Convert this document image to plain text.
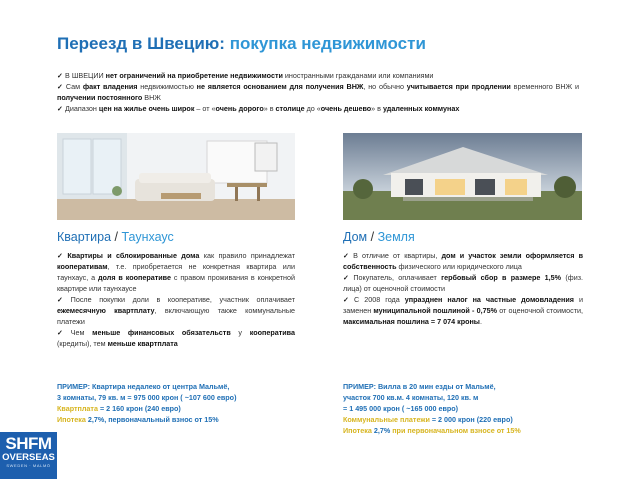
Переезд в Швецию: покупка недвижимости
✓ В ШВЕЦИИ нет ограничений на приобретение недвижимости иностранными гражданами или компаниями
✓ Сам факт владения недвижимостью не является основанием для получения ВНЖ, но обычно учитывается при продлении временного ВНЖ и получении постоянного ВНЖ
✓ Диапазон цен на жилье очень широк – от «очень дорого» в столице до «очень дешево» в удаленных коммунах
Квартира / Таунхаус	Дом / Земля

✓ Квартиры и сблокированные дома как правило принадлежат кооперативам, т.е. приобретается не конкретная квартира или таунхаус, а доля в кооперативе с правом проживания в конкретной квартире или таунхаусе

✓ После покупки доли в кооперативе, участник оплачивает ежемесячную квартплату, включающую также коммунальные платежи

✓ Чем меньше финансовых обязательств у кооператива (кредиты), тем меньше квартплата

✓ В отличие от квартиры, дом и участок земли оформляется в собственность физического или юридического лица

✓ Покупатель, оплачивает гербовый сбор в размере 1,5% (физ. лица) от оценочной стоимости

✓ С 2008 года упразднен налог на частные домовладения и заменен муниципальной пошлиной - 0,75% от оценочной стоимости, максимальная пошлина = 7 074 кроны.

ПРИМЕР: Квартира недалеко от центра Мальмё,
3 комнаты, 79 кв. м = 975 000 крон ( ~107 600 евро)
Квартплата = 2 160 крон (240 евро)
Ипотека 2,7%, первоначальный взнос от 15%
ПРИМЕР: Вилла в 20 мин езды от Мальмё,
участок 700 кв.м. 4 комнаты, 120 кв. м
= 1 495 000 крон ( ~165 000 евро)
Коммунальные платежи = 2 000 крон (220 евро)
Ипотека 2,7% при первоначальном взносе от 15%
SHFM
OVERSEAS
SWEDEN · MALMÖ
